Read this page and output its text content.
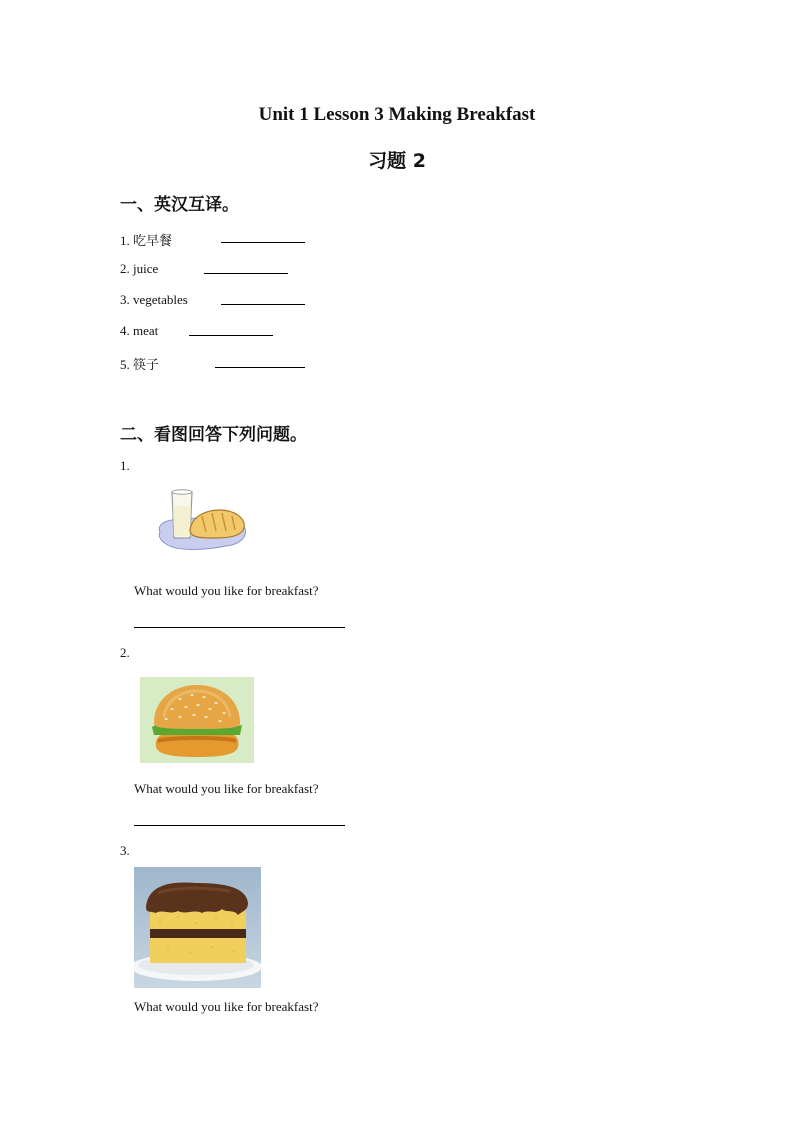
Unit 1 Lesson 3 Making Breakfast
习题 2
一、英汉互译。
1. 吃早餐
2. juice
3. vegetables
4. meat
5. 筷子
二、看图回答下列问题。
1.
What would you like for breakfast?
2.
What would you like for breakfast?
3.
What would you like for breakfast?
